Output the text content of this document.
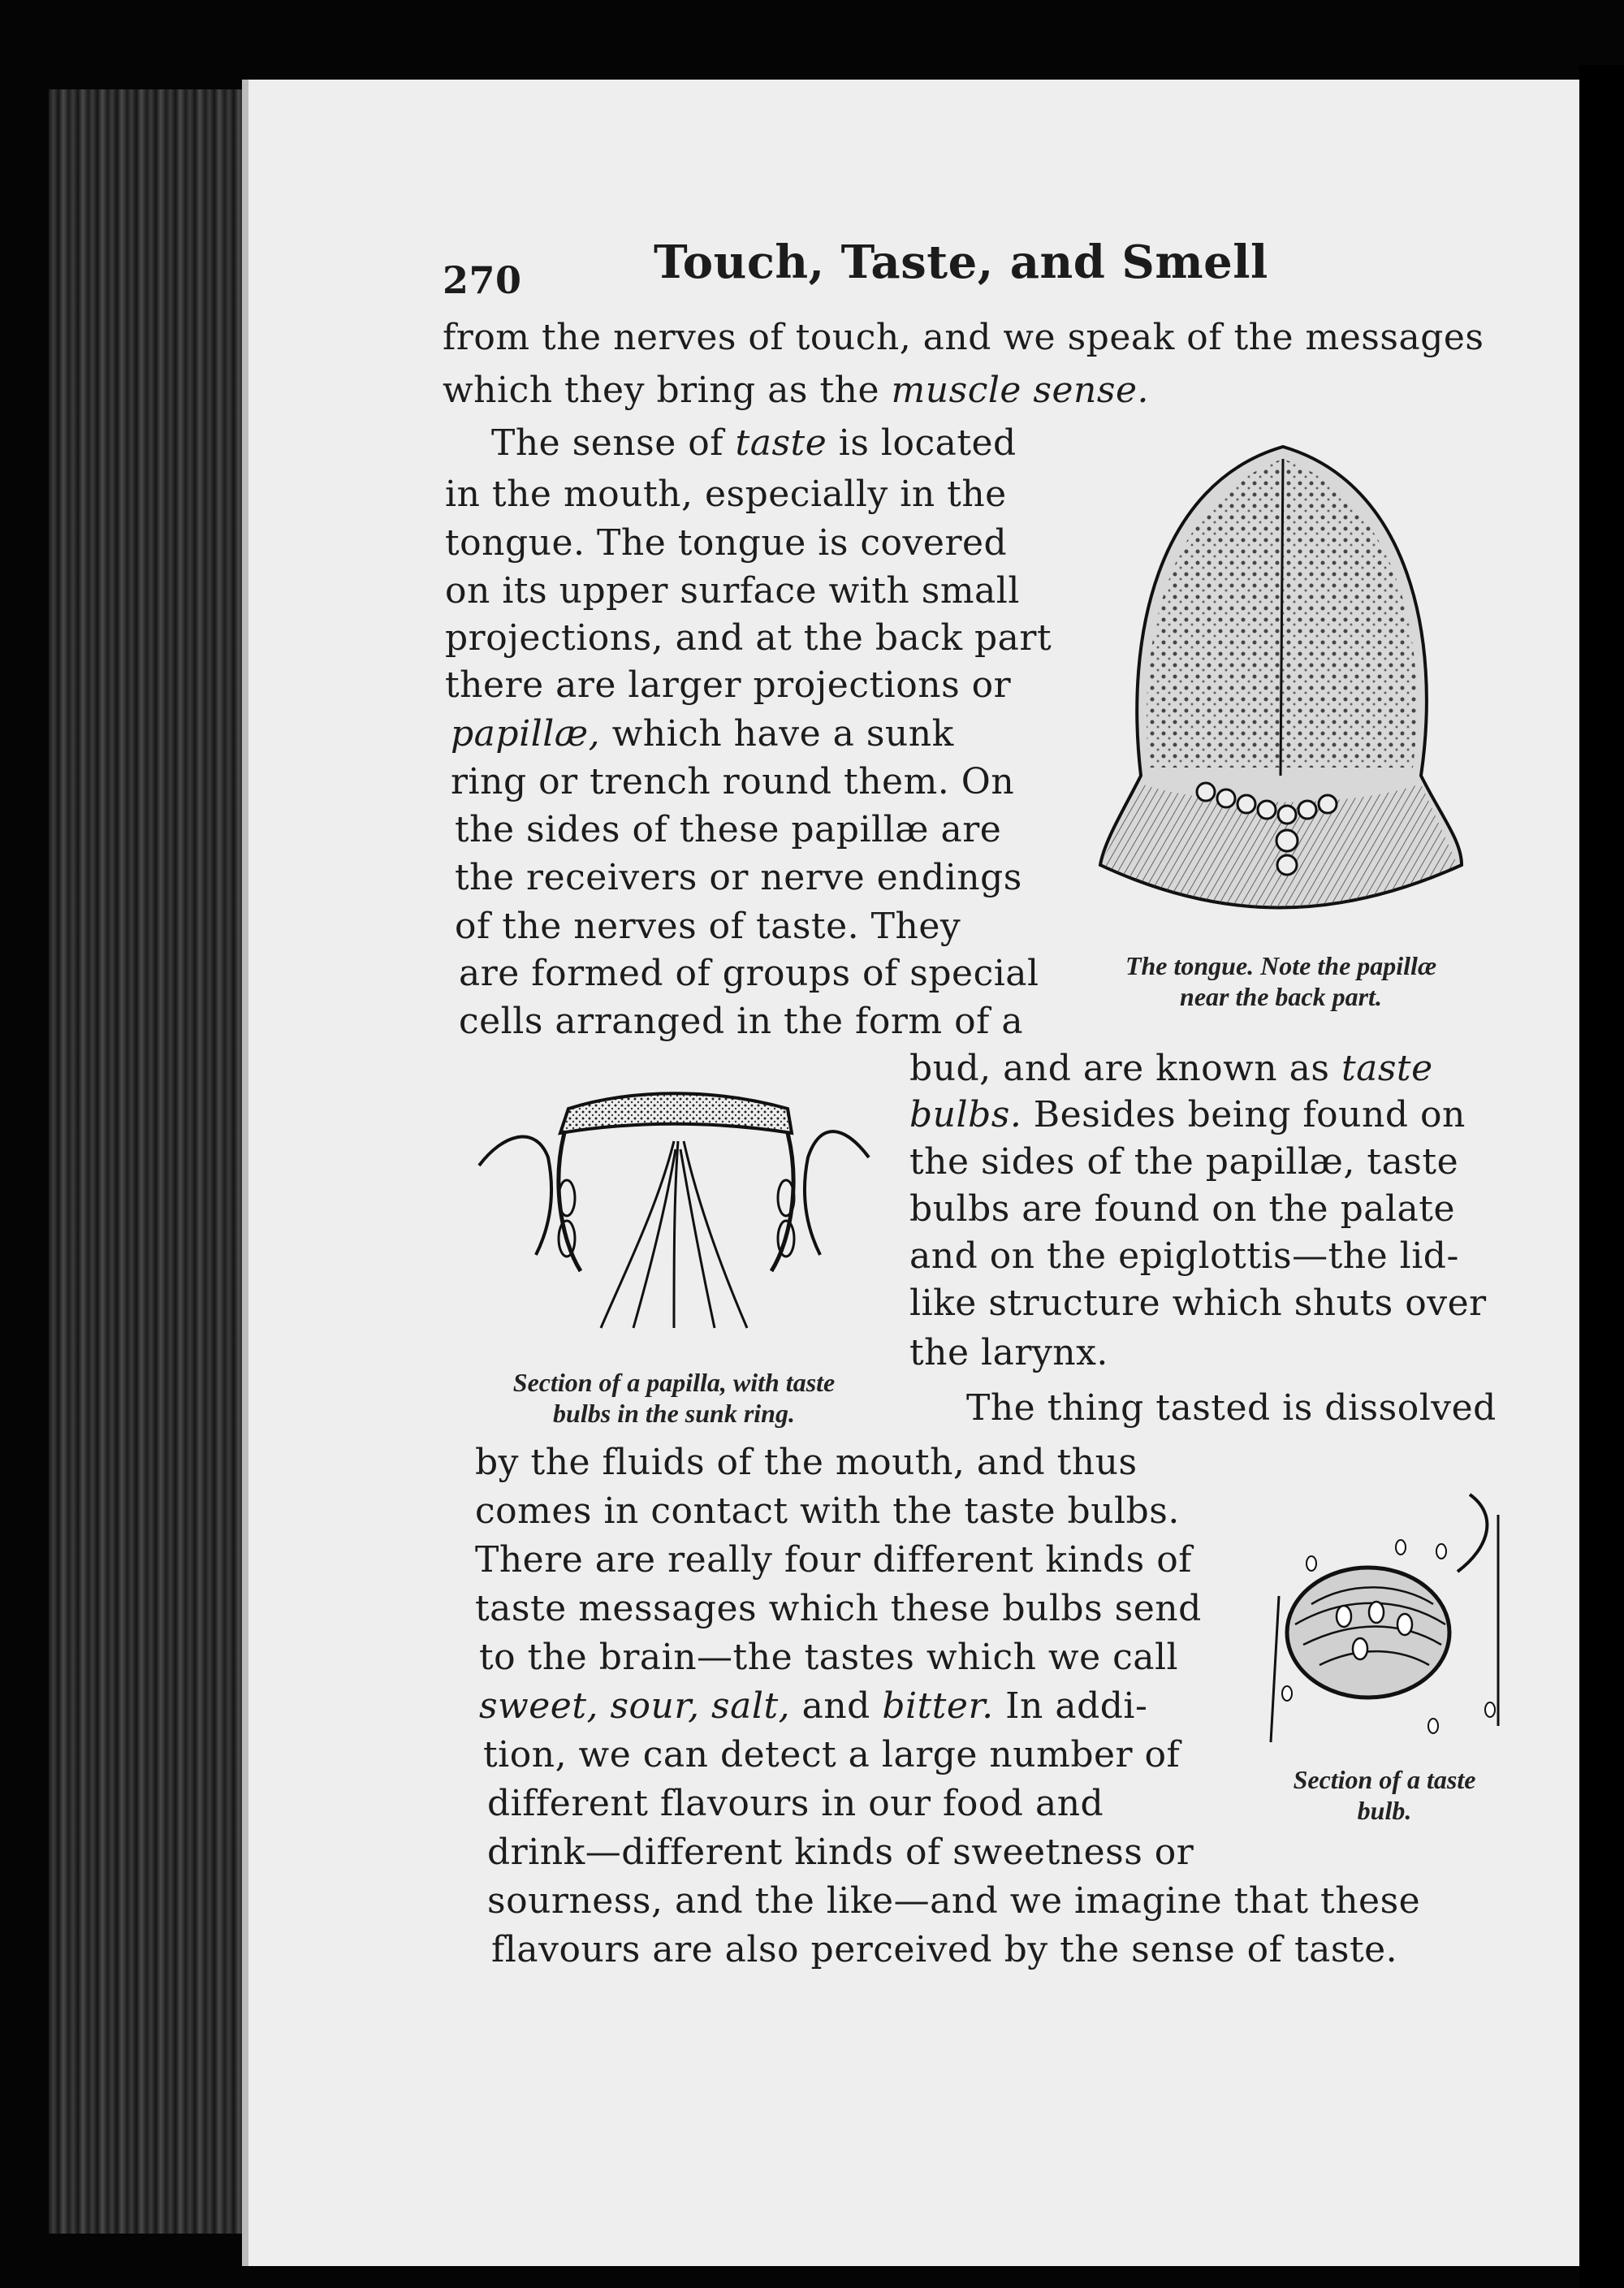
270	Touch, Taste, and Smell
from the nerves of touch, and we speak of the messages
which they bring as the muscle sense.
The sense of taste is located
in the mouth, especially in the
tongue. The tongue is covered
on its upper surface with small
projections, and at the back part
there are larger projections or
papillæ, which have a sunk
ring or trench round them. On
the sides of these papillæ are
the receivers or nerve endings
of the nerves of taste. They
are formed of groups of special
cells arranged in the form of a
bud, and are known as taste
bulbs. Besides being found on
the sides of the papillæ, taste
bulbs are found on the palate
and on the epiglottis—the lid-
like structure which shuts over
the larynx.
The thing tasted is dissolved
by the fluids of the mouth, and thus
comes in contact with the taste bulbs.
There are really four different kinds of
taste messages which these bulbs send
to the brain—the tastes which we call
sweet, sour, salt, and bitter. In addi-
tion, we can detect a large number of
different flavours in our food and
drink—different kinds of sweetness or
sourness, and the like—and we imagine that these
flavours are also perceived by the sense of taste.
The tongue. Note the papillæ
near the back part.
Section of a papilla, with taste
bulbs in the sunk ring.
Section of a taste
bulb.
